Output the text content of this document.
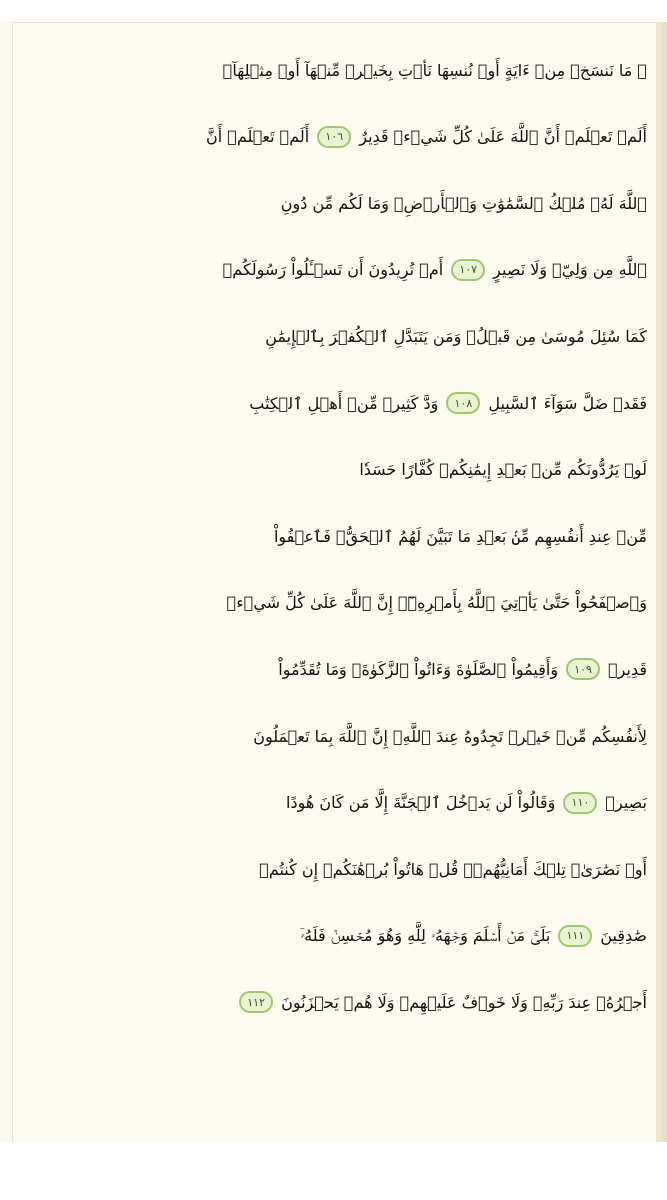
۞ مَا نَنسَخۡ مِنۡ ءَايَةٍ أَوۡ نُنسِهَا نَأۡتِ بِخَيۡرٖ مِّنۡهَآ أَوۡ مِثۡلِهَآۗ
أَلَمۡ تَعۡلَمۡ أَنَّ ٱللَّهَ عَلَىٰ كُلِّ شَيۡءٖ قَدِيرٌ
١٠٦
أَلَمۡ تَعۡلَمۡ أَنَّ
ٱللَّهَ لَهُۥ مُلۡكُ ٱلسَّمَٰوَٰتِ وَٱلۡأَرۡضِۗ وَمَا لَكُم مِّن دُونِ
ٱللَّهِ مِن وَلِيّٖ وَلَا نَصِيرٍ
١٠٧
أَمۡ تُرِيدُونَ أَن تَسۡـَٔلُواْ رَسُولَكُمۡ
كَمَا سُئِلَ مُوسَىٰ مِن قَبۡلُۗ وَمَن يَتَبَدَّلِ ٱلۡكُفۡرَ بِٱلۡإِيمَٰنِ
فَقَدۡ ضَلَّ سَوَآءَ ٱلسَّبِيلِ
١٠٨
وَدَّ كَثِيرٞ مِّنۡ أَهۡلِ ٱلۡكِتَٰبِ
لَوۡ يَرُدُّونَكُم مِّنۢ بَعۡدِ إِيمَٰنِكُمۡ كُفَّارًا حَسَدٗا
مِّنۡ عِندِ أَنفُسِهِم مِّنۢ بَعۡدِ مَا تَبَيَّنَ لَهُمُ ٱلۡحَقُّۖ فَٱعۡفُواْ
وَٱصۡفَحُواْ حَتَّىٰ يَأۡتِيَ ٱللَّهُ بِأَمۡرِهِۦٓۗ إِنَّ ٱللَّهَ عَلَىٰ كُلِّ شَيۡءٖ
قَدِيرٞ
١٠٩
وَأَقِيمُواْ ٱلصَّلَوٰةَ وَءَاتُواْ ٱلزَّكَوٰةَۚ وَمَا تُقَدِّمُواْ
لِأَنفُسِكُم مِّنۡ خَيۡرٖ تَجِدُوهُ عِندَ ٱللَّهِۗ إِنَّ ٱللَّهَ بِمَا تَعۡمَلُونَ
بَصِيرٞ
١١٠
وَقَالُواْ لَن يَدۡخُلَ ٱلۡجَنَّةَ إِلَّا مَن كَانَ هُودًا
أَوۡ نَصَٰرَىٰۗ تِلۡكَ أَمَانِيُّهُمۡۗ قُلۡ هَاتُواْ بُرۡهَٰنَكُمۡ إِن كُنتُمۡ
صَٰدِقِينَ
١١١
بَلَىٰۚ مَنۡ أَسۡلَمَ وَجۡهَهُۥ لِلَّهِ وَهُوَ مُحۡسِنٞ فَلَهُۥٓ
أَجۡرُهُۥ عِندَ رَبِّهِۦ وَلَا خَوۡفٌ عَلَيۡهِمۡ وَلَا هُمۡ يَحۡزَنُونَ
١١٢
